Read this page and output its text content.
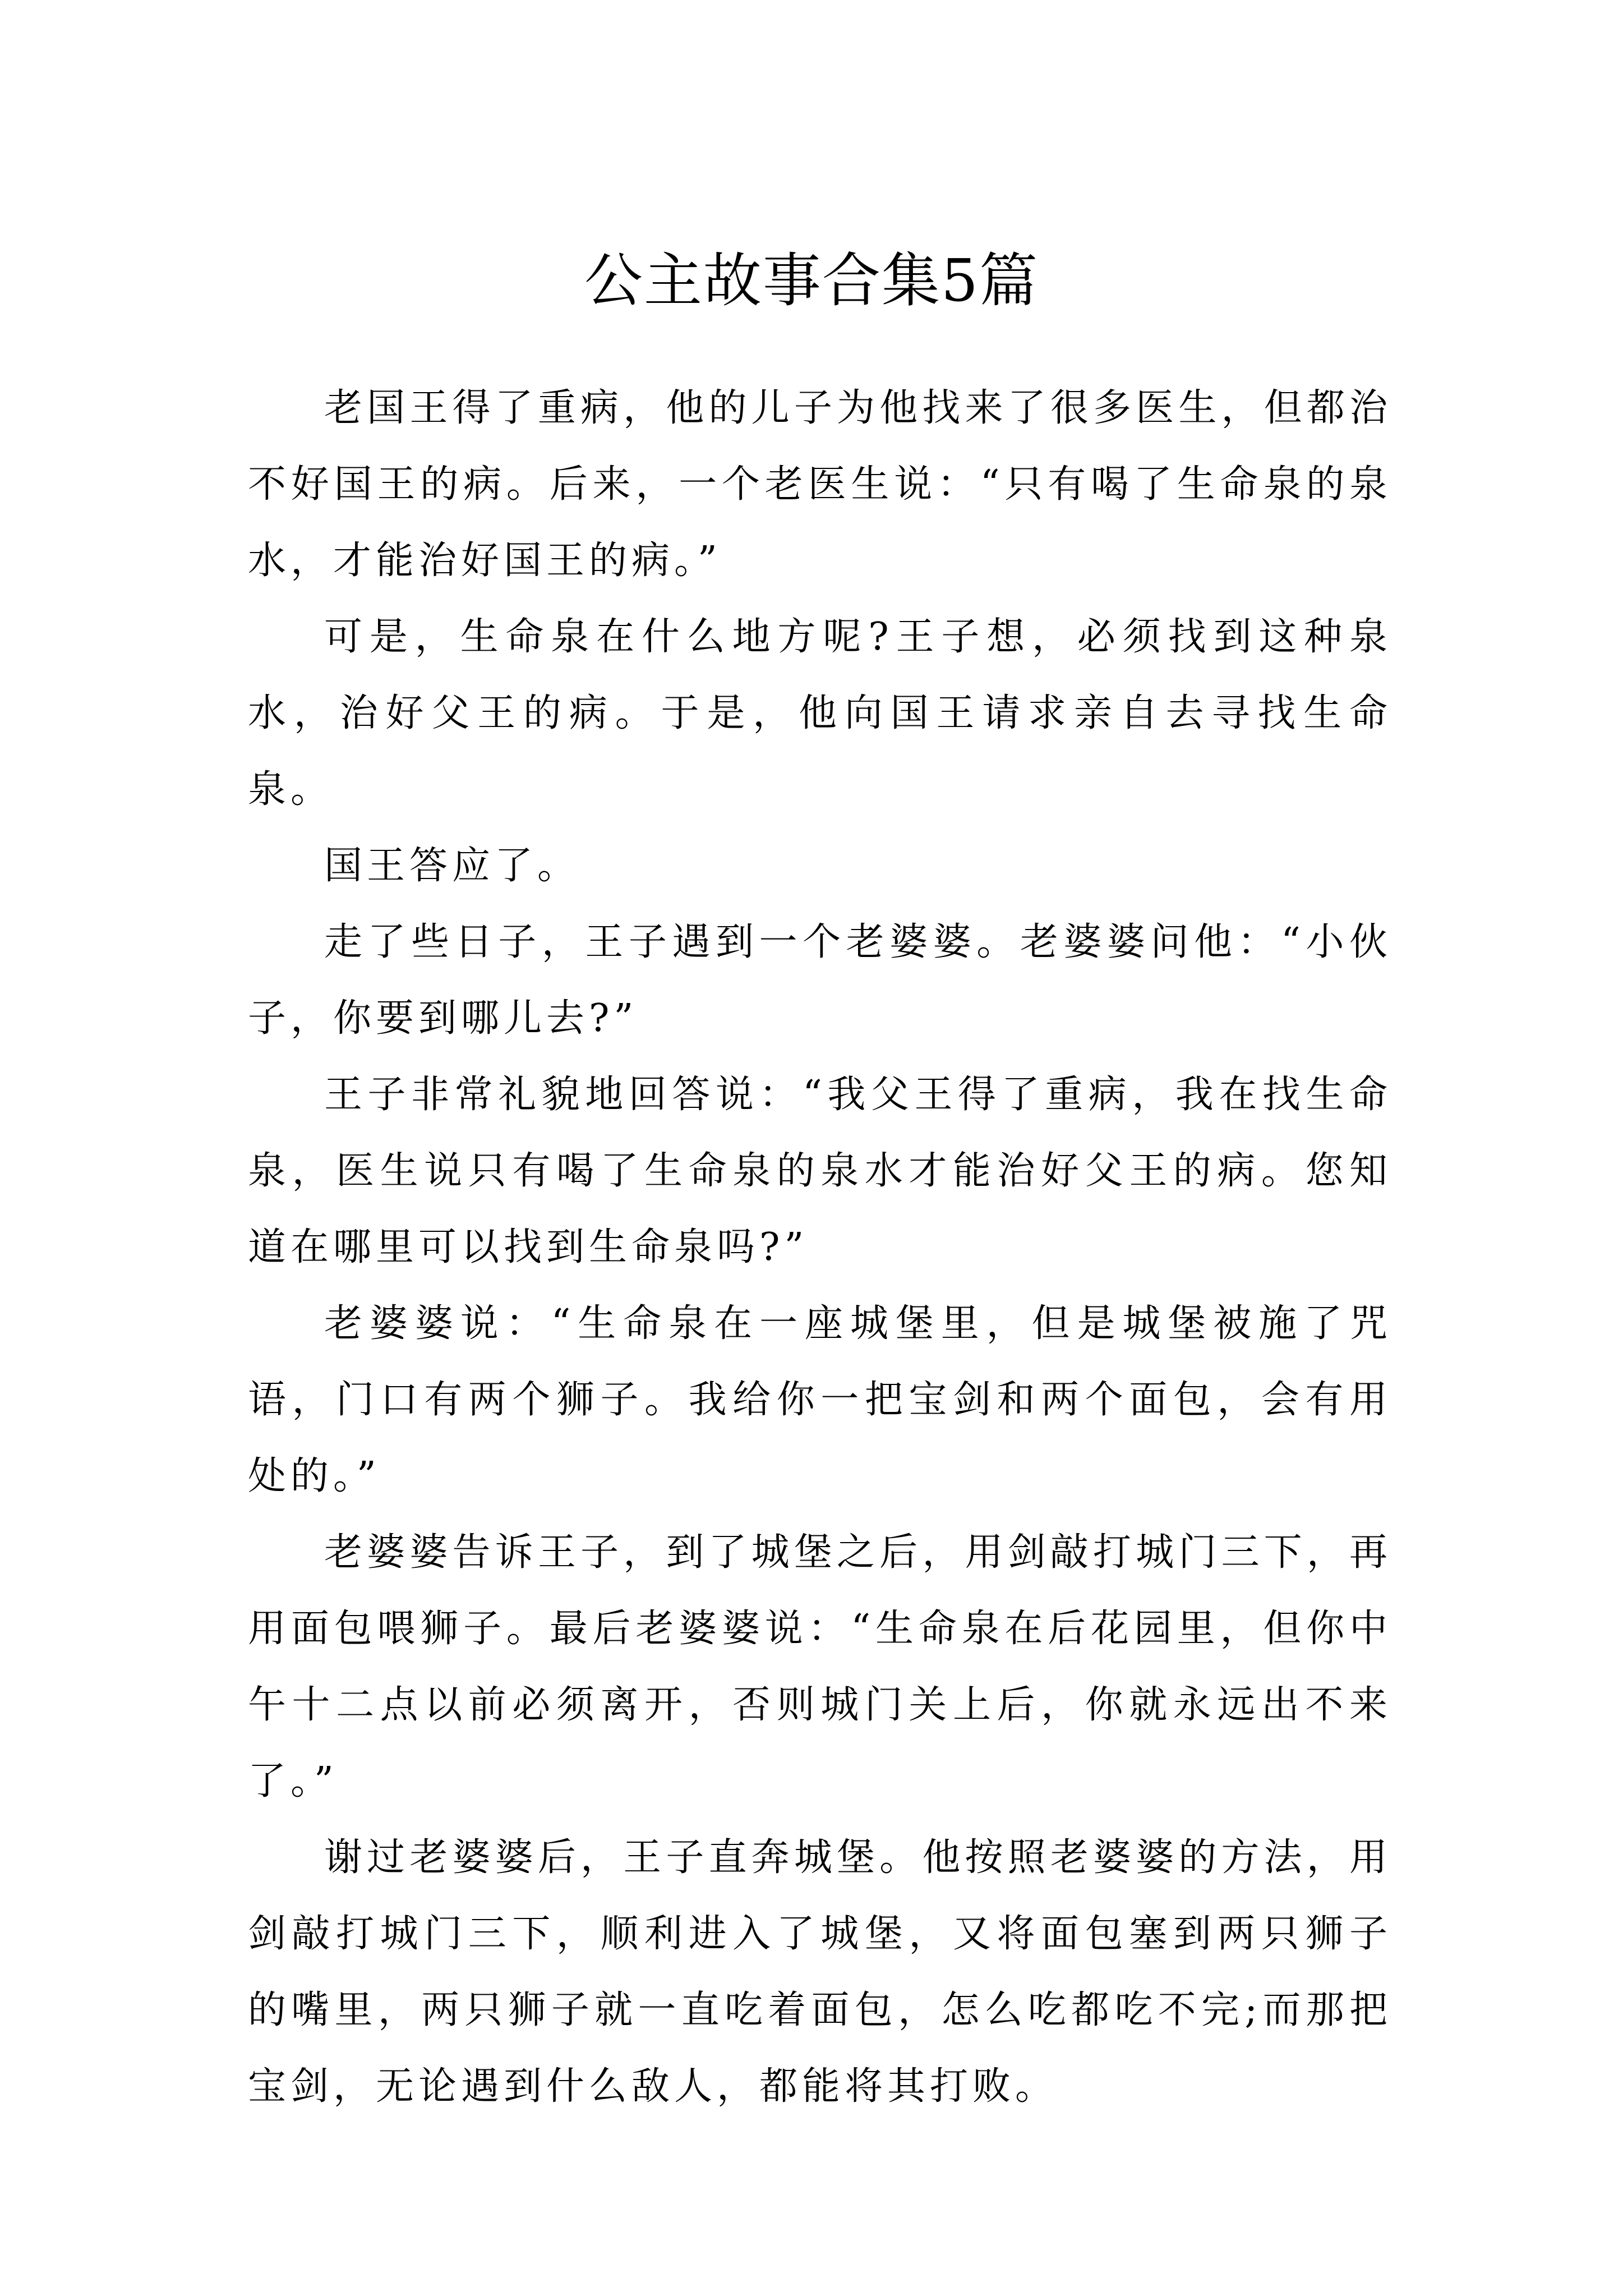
公主故事合集5篇

老国王得了重病，他的儿子为他找来了很多医生，但都治不好国王的病。后来，一个老医生说：“只有喝了生命泉的泉水，才能治好国王的病。”

可是，生命泉在什么地方呢?王子想，必须找到这种泉水，治好父王的病。于是，他向国王请求亲自去寻找生命泉。

国王答应了。

走了些日子，王子遇到一个老婆婆。老婆婆问他：“小伙子，你要到哪儿去?”

王子非常礼貌地回答说：“我父王得了重病，我在找生命泉，医生说只有喝了生命泉的泉水才能治好父王的病。您知道在哪里可以找到生命泉吗?”

老婆婆说：“生命泉在一座城堡里，但是城堡被施了咒语，门口有两个狮子。我给你一把宝剑和两个面包，会有用处的。”

老婆婆告诉王子，到了城堡之后，用剑敲打城门三下，再用面包喂狮子。最后老婆婆说：“生命泉在后花园里，但你中午十二点以前必须离开，否则城门关上后，你就永远出不来了。”

谢过老婆婆后，王子直奔城堡。他按照老婆婆的方法，用剑敲打城门三下，顺利进入了城堡，又将面包塞到两只狮子的嘴里，两只狮子就一直吃着面包，怎么吃都吃不完;而那把宝剑，无论遇到什么敌人，都能将其打败。
